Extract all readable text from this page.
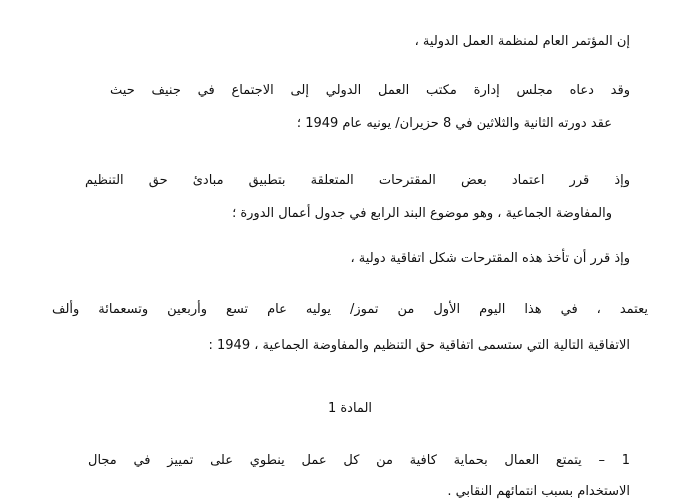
إن المؤتمر العام لمنظمة العمل الدولية ،
وقد دعاه مجلس إدارة مكتب العمل الدولي إلى الاجتماع في جنيف حيث
عقد دورته الثانية والثلاثين في 8 حزيران/ يونيه عام 1949 ؛
وإذ قرر اعتماد بعض المقترحات المتعلقة بتطبيق مبادئ حق التنظيم
والمفاوضة الجماعية ، وهو موضوع البند الرابع في جدول أعمال الدورة ؛
وإذ قرر أن تأخذ هذه المقترحات شكل اتفاقية دولية ،
يعتمد ، في هذا اليوم الأول من تموز/ يوليه عام تسع وأربعين وتسعمائة وألف
الاتفاقية التالية التي ستسمى اتفاقية حق التنظيم والمفاوضة الجماعية ، 1949 :
المادة 1
1 – يتمتع العمال بحماية كافية من كل عمل ينطوي على تمييز في مجال
الاستخدام بسبب انتمائهم النقابي .
